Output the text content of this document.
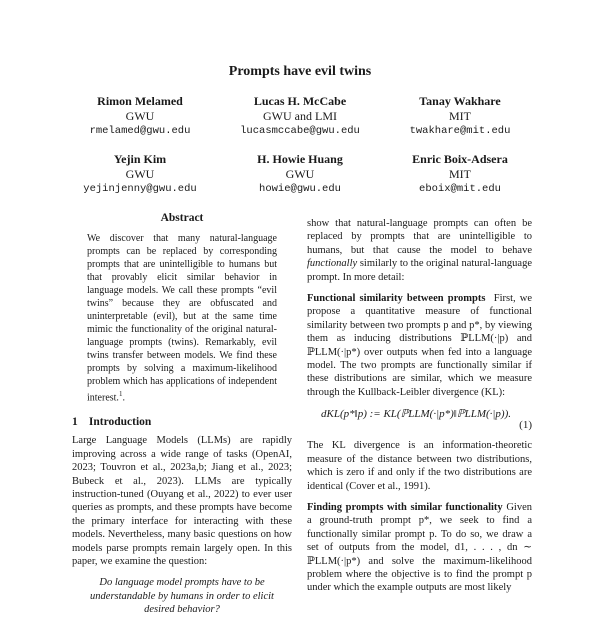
Prompts have evil twins
Rimon Melamed
GWU
rmelamed@gwu.edu
Lucas H. McCabe
GWU and LMI
lucasmccabe@gwu.edu
Tanay Wakhare
MIT
twakhare@mit.edu
Yejin Kim
GWU
yejinjenny@gwu.edu
H. Howie Huang
GWU
howie@gwu.edu
Enric Boix-Adsera
MIT
eboix@mit.edu
Abstract
We discover that many natural-language prompts can be replaced by corresponding prompts that are unintelligible to humans but that provably elicit similar behavior in language models. We call these prompts “evil twins” because they are obfuscated and uninterpretable (evil), but at the same time mimic the functionality of the original natural-language prompts (twins). Remarkably, evil twins transfer between models. We find these prompts by solving a maximum-likelihood problem which has applications of independent interest.$^1$.
1 Introduction

Large Language Models (LLMs) are rapidly improving across a wide range of tasks (OpenAI, 2023; Touvron et al., 2023a,b; Jiang et al., 2023; Bubeck et al., 2023). LLMs are typically instruction-tuned (Ouyang et al., 2022) to ever user queries as prompts, and these prompts have become the primary interface for interacting with these models. Nevertheless, many basic questions on how models parse prompts remain largely open. In this paper, we examine the question:

Do language model prompts have to be understandable by humans in order to elicit desired behavior?

show that natural-language prompts can often be replaced by prompts that are unintelligible to humans, but that cause the model to behave functionally similarly to the original natural-language prompt. In more detail:

Functional similarity between prompts First, we propose a quantitative measure of functional similarity between two prompts p and p*, by viewing them as inducing distributions ℙLLM(·|p) and ℙLLM(·|p*) over outputs when fed into a language model. The two prompts are functionally similar if these distributions are similar, which we measure through the Kullback-Leibler divergence (KL):

dKL(p*‖p) := KL(ℙLLM(·|p*)‖ℙLLM(·|p)).
(1)

The KL divergence is an information-theoretic measure of the distance between two distributions, which is zero if and only if the two distributions are identical (Cover et al., 1991).

Finding prompts with similar functionality Given a ground-truth prompt p*, we seek to find a functionally similar prompt p. To do so, we draw a set of outputs from the model, d1, . . . , dn ∼ ℙLLM(·|p*) and solve the maximum-likelihood problem where the objective is to find the prompt p under which the example outputs are most likely
